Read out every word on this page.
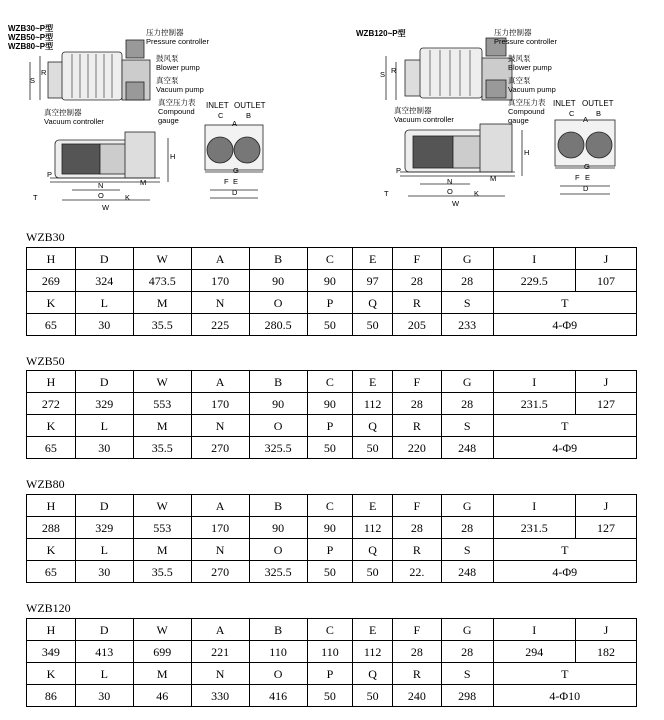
WZB30~P型
WZB50~P型
WZB80~P型
压力控制器
Pressure controller
鼓风泵
Blower pump
真空泵
Vacuum pump
真空控制器
Vacuum controller
真空压力表
Compound
gauge
INLET OUTLET
S
R
H
P
N
O
M
K
W
T
C	B
A
G
F E
D
WZB120~P型	压力控制器
Pressure controller
鼓风泵
Blower pump
真空泵
Vacuum pump
真空控制器
Vacuum controller
真空压力表
Compound
gauge
INLET OUTLET
S R
H
P
N
O
M
K
W
T
C	B
A
G
F E
D
WZB30
H	D	W	A	B	C	E	F	G	I	J
269	324	473.5	170	90	90	97	28	28	229.5	107
K	L	M	N	O	P	Q	R	S	T	
65	30	35.5	225	280.5	50	50	205	233	4-Φ9	
WZB50
H	D	W	A	B	C	E	F	G	I	J
272	329	553	170	90	90	112	28	28	231.5	127
K	L	M	N	O	P	Q	R	S	T	
65	30	35.5	270	325.5	50	50	220	248	4-Φ9	
WZB80
H	D	W	A	B	C	E	F	G	I	J
288	329	553	170	90	90	112	28	28	231.5	127
K	L	M	N	O	P	Q	R	S	T	
65	30	35.5	270	325.5	50	50	22.	248	4-Φ9	
WZB120
H	D	W	A	B	C	E	F	G	I	J
349	413	699	221	110	110	112	28	28	294	182
K	L	M	N	O	P	Q	R	S	T	
86	30	46	330	416	50	50	240	298	4-Φ10	
